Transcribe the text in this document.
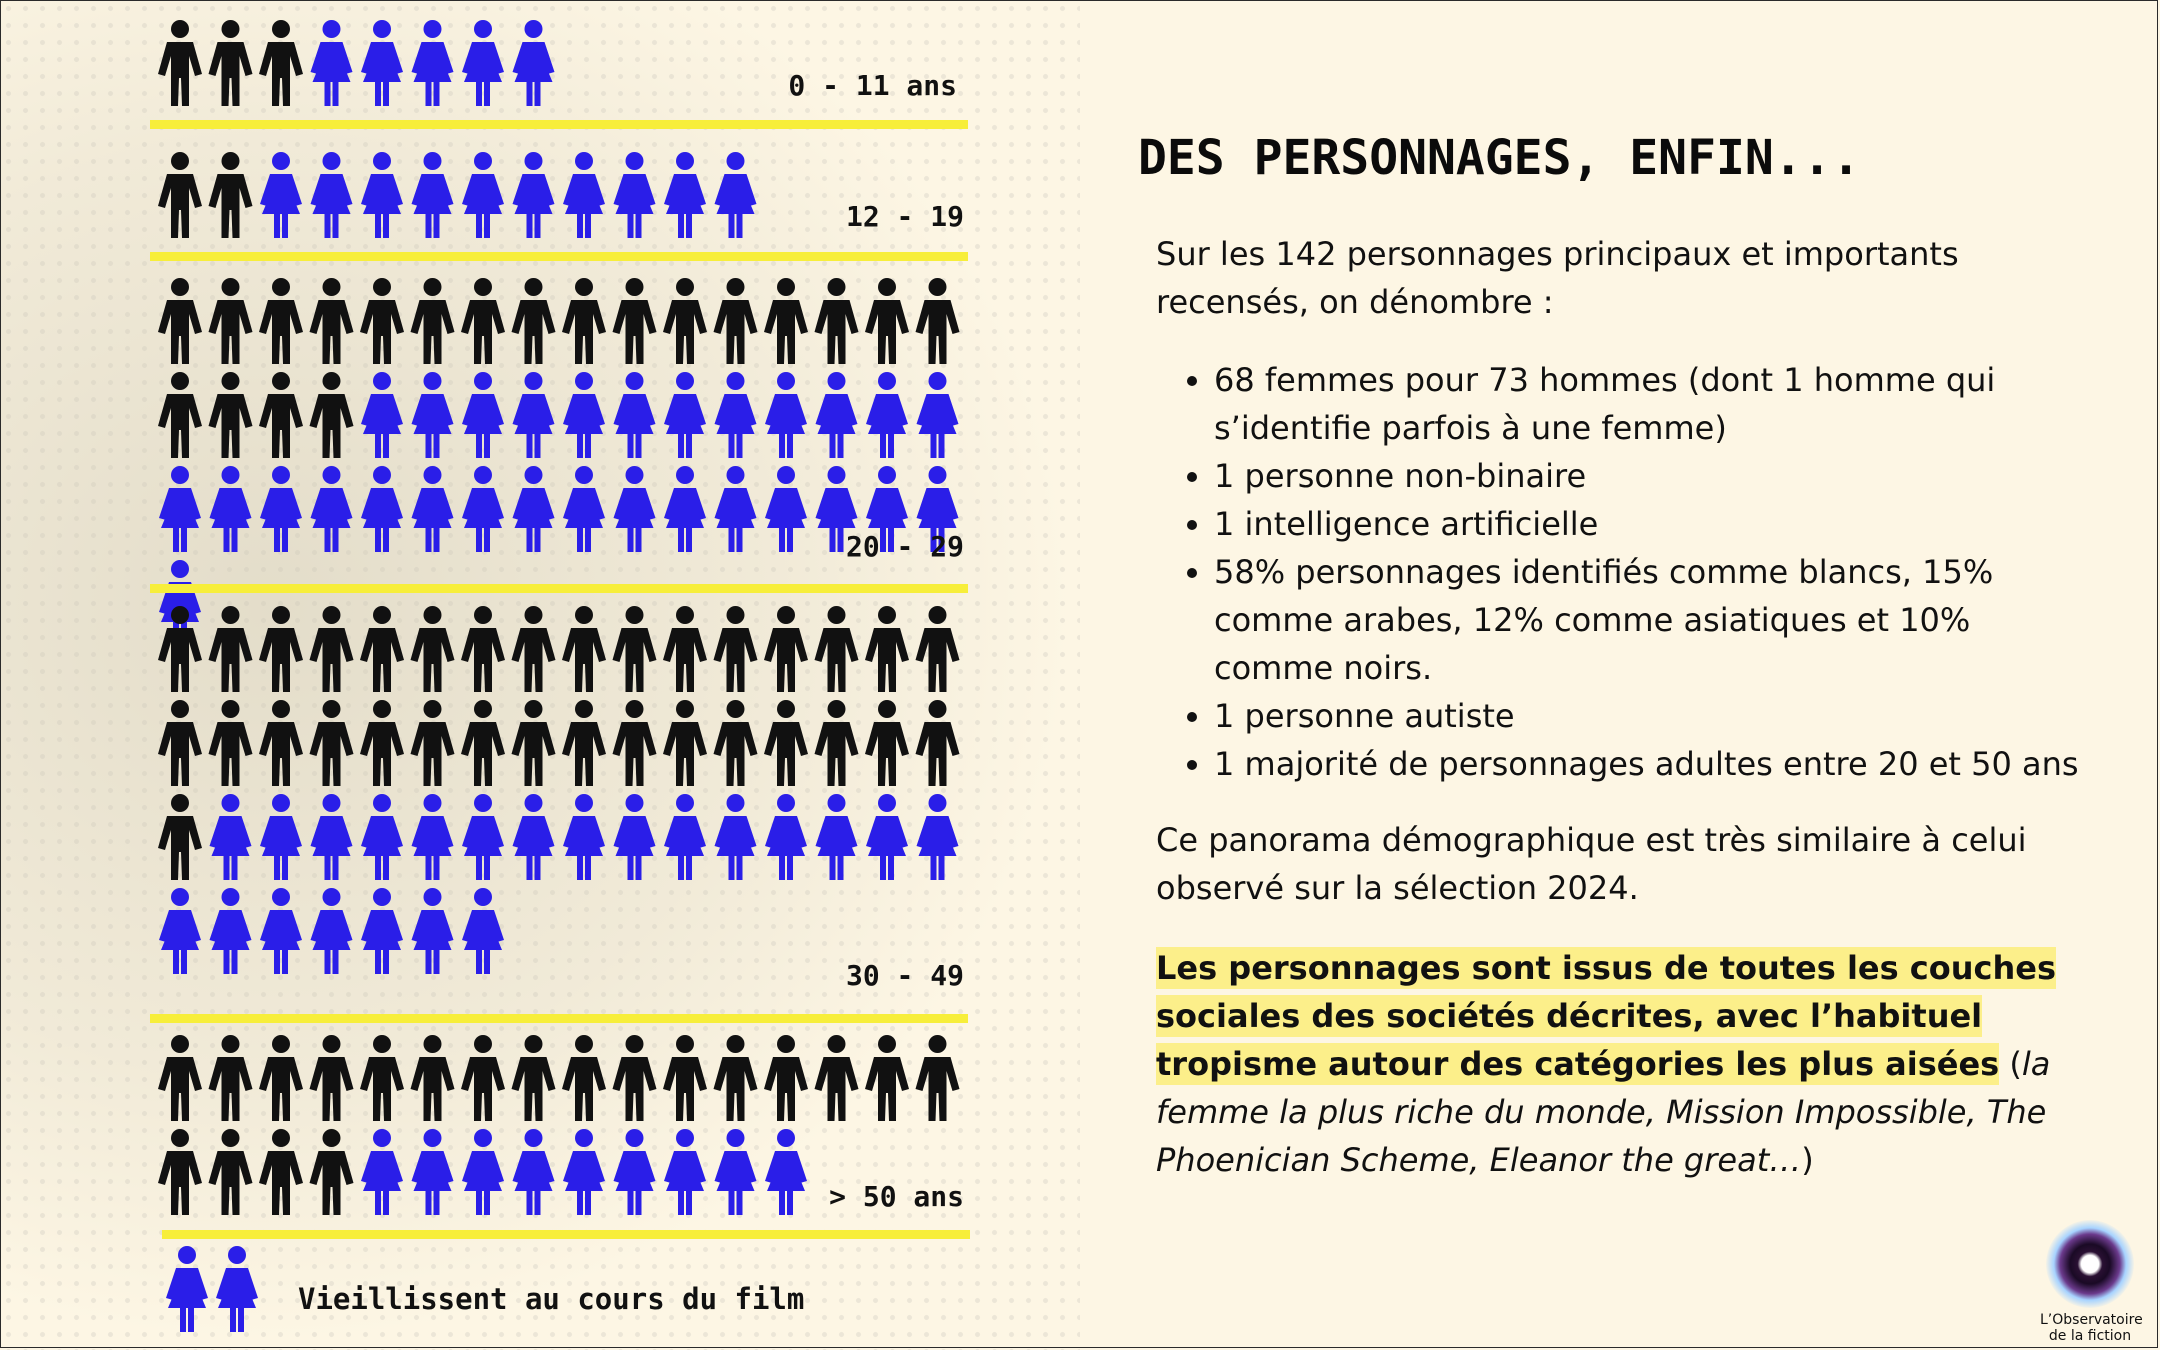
0 - 11 ans
12 - 19
20 - 29
30 - 49
> 50 ans
Vieillissent au cours du film
DES PERSONNAGES, ENFIN...

Sur les 142 personnages principaux et importants recensés, on dénombre :

• 68 femmes pour 73 hommes (dont 1 homme qui s’identifie parfois à une femme)
• 1 personne non-binaire
• 1 intelligence artificielle
• 58% personnages identifiés comme blancs, 15% comme arabes, 12% comme asiatiques et 10% comme noirs.
• 1 personne autiste
• 1 majorité de personnages adultes entre 20 et 50 ans

Ce panorama démographique est très similaire à celui observé sur la sélection 2024.

Les personnages sont issus de toutes les couches sociales des sociétés décrites, avec l’habituel tropisme autour des catégories les plus aisées (la femme la plus riche du monde, Mission Impossible, The Phoenician Scheme, Eleanor the great…)

L’Observatoire
de la fiction
